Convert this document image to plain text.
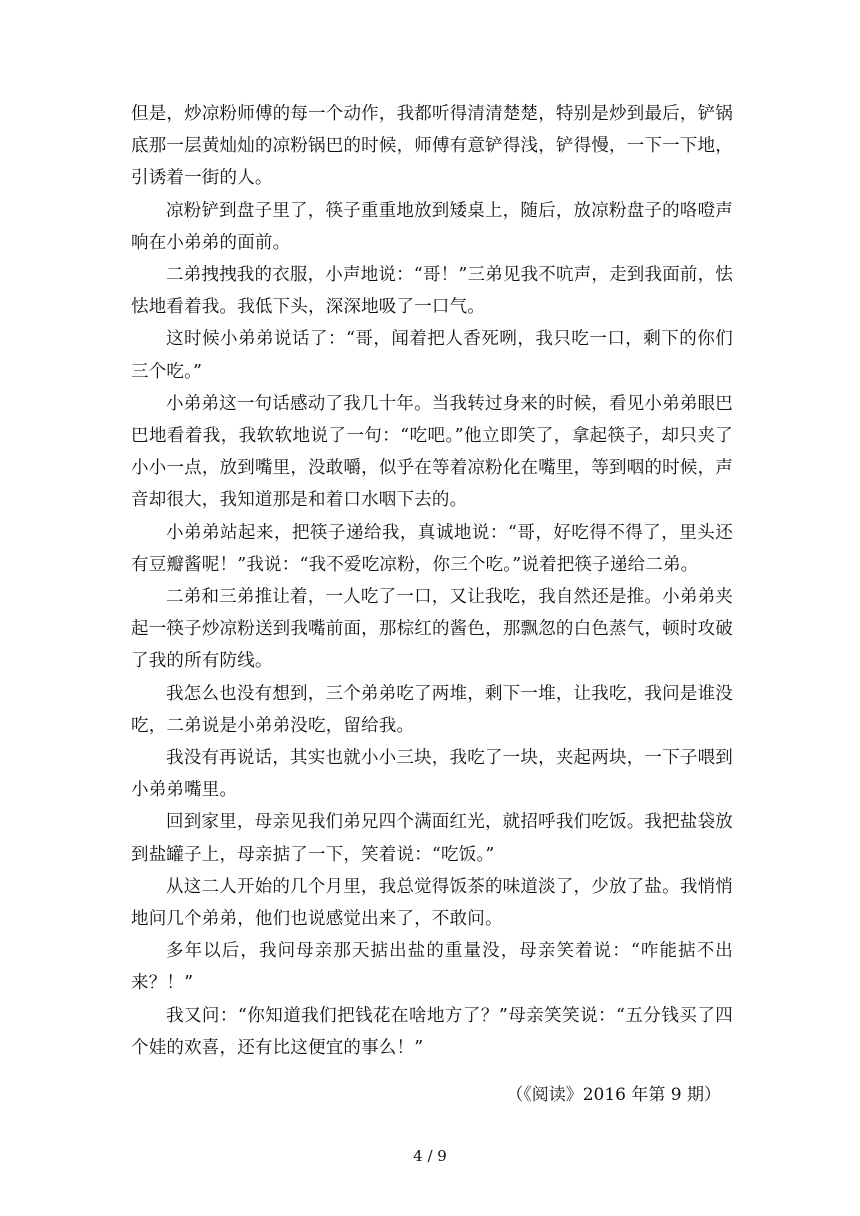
但是，炒凉粉师傅的每一个动作，我都听得清清楚楚，特别是炒到最后，铲锅底那一层黄灿灿的凉粉锅巴的时候，师傅有意铲得浅，铲得慢，一下一下地，引诱着一街的人。

凉粉铲到盘子里了，筷子重重地放到矮桌上，随后，放凉粉盘子的咯噔声响在小弟弟的面前。

二弟拽拽我的衣服，小声地说：“哥！”三弟见我不吭声，走到我面前，怯怯地看着我。我低下头，深深地吸了一口气。

这时候小弟弟说话了：“哥，闻着把人香死咧，我只吃一口，剩下的你们三个吃。”

小弟弟这一句话感动了我几十年。当我转过身来的时候，看见小弟弟眼巴巴地看着我，我软软地说了一句：“吃吧。”他立即笑了，拿起筷子，却只夹了小小一点，放到嘴里，没敢嚼，似乎在等着凉粉化在嘴里，等到咽的时候，声音却很大，我知道那是和着口水咽下去的。

小弟弟站起来，把筷子递给我，真诚地说：“哥，好吃得不得了，里头还有豆瓣酱呢！”我说：“我不爱吃凉粉，你三个吃。”说着把筷子递给二弟。

二弟和三弟推让着，一人吃了一口，又让我吃，我自然还是推。小弟弟夹起一筷子炒凉粉送到我嘴前面，那棕红的酱色，那飘忽的白色蒸气，顿时攻破了我的所有防线。

我怎么也没有想到，三个弟弟吃了两堆，剩下一堆，让我吃，我问是谁没吃，二弟说是小弟弟没吃，留给我。

我没有再说话，其实也就小小三块，我吃了一块，夹起两块，一下子喂到小弟弟嘴里。

回到家里，母亲见我们弟兄四个满面红光，就招呼我们吃饭。我把盐袋放到盐罐子上，母亲掂了一下，笑着说：“吃饭。”

从这二人开始的几个月里，我总觉得饭茶的味道淡了，少放了盐。我悄悄地问几个弟弟，他们也说感觉出来了，不敢问。

多年以后，我问母亲那天掂出盐的重量没，母亲笑着说：“咋能掂不出来？！”

我又问：“你知道我们把钱花在啥地方了？”母亲笑笑说：“五分钱买了四个娃的欢喜，还有比这便宜的事么！”

（《阅读》2016 年第 9 期）
4 / 9
